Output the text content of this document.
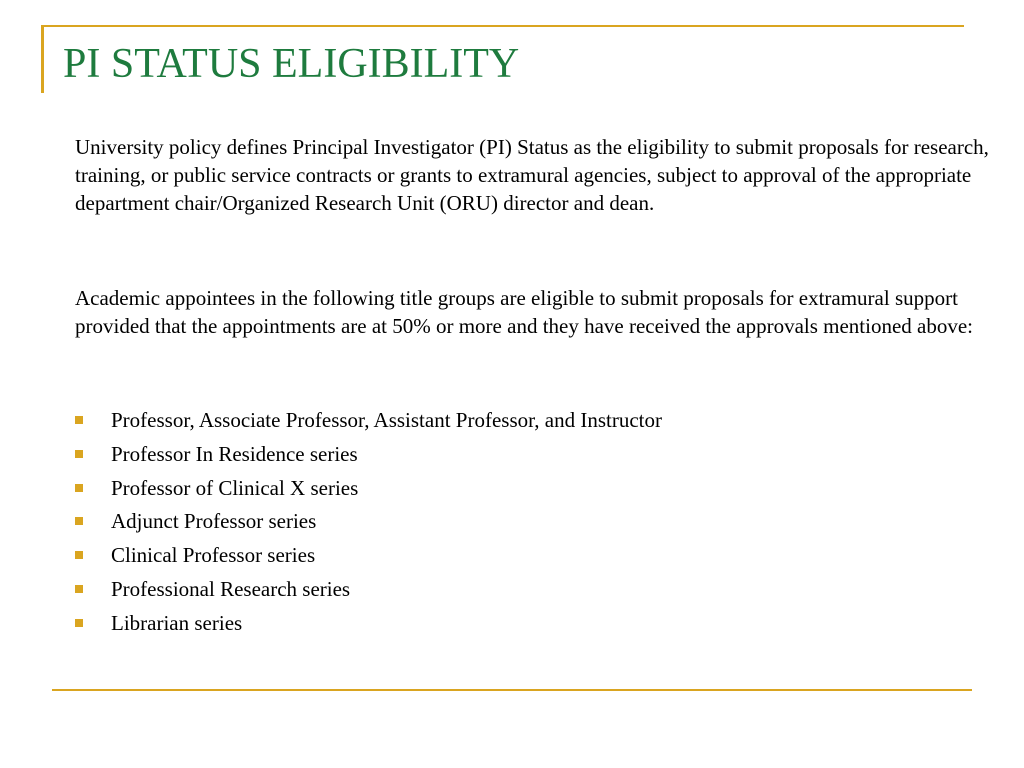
PI STATUS ELIGIBILITY

University policy defines Principal Investigator (PI) Status as the eligibility to submit proposals for research, training, or public service contracts or grants to extramural agencies, subject to approval of the appropriate department chair/Organized Research Unit (ORU) director and dean.

Academic appointees in the following title groups are eligible to submit proposals for extramural support provided that the appointments are at 50% or more and they have received the approvals mentioned above:

Professor, Associate Professor, Assistant Professor, and Instructor
Professor In Residence series
Professor of Clinical X series
Adjunct Professor series
Clinical Professor series
Professional Research series
Librarian series
